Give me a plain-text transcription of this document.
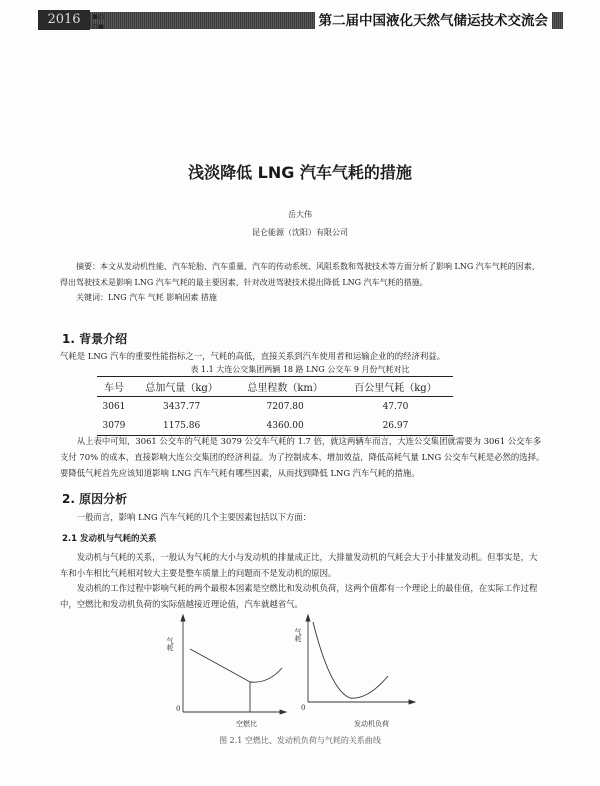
2016	▪▫
▫▪	第二届中国液化天然气储运技术交流会
浅淡降低 LNG 汽车气耗的措施
岳大伟
昆仑能源（沈阳）有限公司
摘要：本文从发动机性能、汽车轮胎、汽车重量、汽车的传动系统、风阻系数和驾驶技术等方面分析了影响 LNG 汽车气耗的因素，得出驾驶技术是影响 LNG 汽车气耗的最主要因素，针对改进驾驶技术提出降低 LNG 汽车气耗的措施。
关键词：LNG 汽车 气耗 影响因素 措施
1. 背景介绍
气耗是 LNG 汽车的重要性能指标之一，气耗的高低，直接关系到汽车使用者和运输企业的的经济利益。
表 1.1 大连公交集团两辆 18 路 LNG 公交车 9 月份气耗对比
车号	总加气量（kg）	总里程数（km）	百公里气耗（kg）
3061	3437.77	7207.80	47.70
3079	1175.86	4360.00	26.97
从上表中可知，3061 公交车的气耗是 3079 公交车气耗的 1.7 倍，就这两辆车而言，大连公交集团就需要为 3061 公交车多支付 70% 的成本，直接影响大连公交集团的经济利益。为了控制成本、增加效益，降低高耗气量 LNG 公交车气耗是必然的选择。要降低气耗首先应该知道影响 LNG 汽车气耗有哪些因素，从而找到降低 LNG 汽车气耗的措施。
2. 原因分析
一般而言，影响 LNG 汽车气耗的几个主要因素包括以下方面：
2.1 发动机与气耗的关系
发动机与气耗的关系，一般认为气耗的大小与发动机的排量成正比，大排量发动机的气耗会大于小排量发动机。但事实是，大车和小车相比气耗相对较大主要是整车质量上的问题而不是发动机的原因。
发动机的工作过程中影响气耗的两个最根本因素是空燃比和发动机负荷，这两个值都有一个理论上的最佳值，在实际工作过程中，空燃比和发动机负荷的实际值越接近理论值，汽车就越省气。
气耗
0
空燃比
气耗
0
发动机负荷
图 2.1 空燃比、发动机负荷与气耗的关系曲线
